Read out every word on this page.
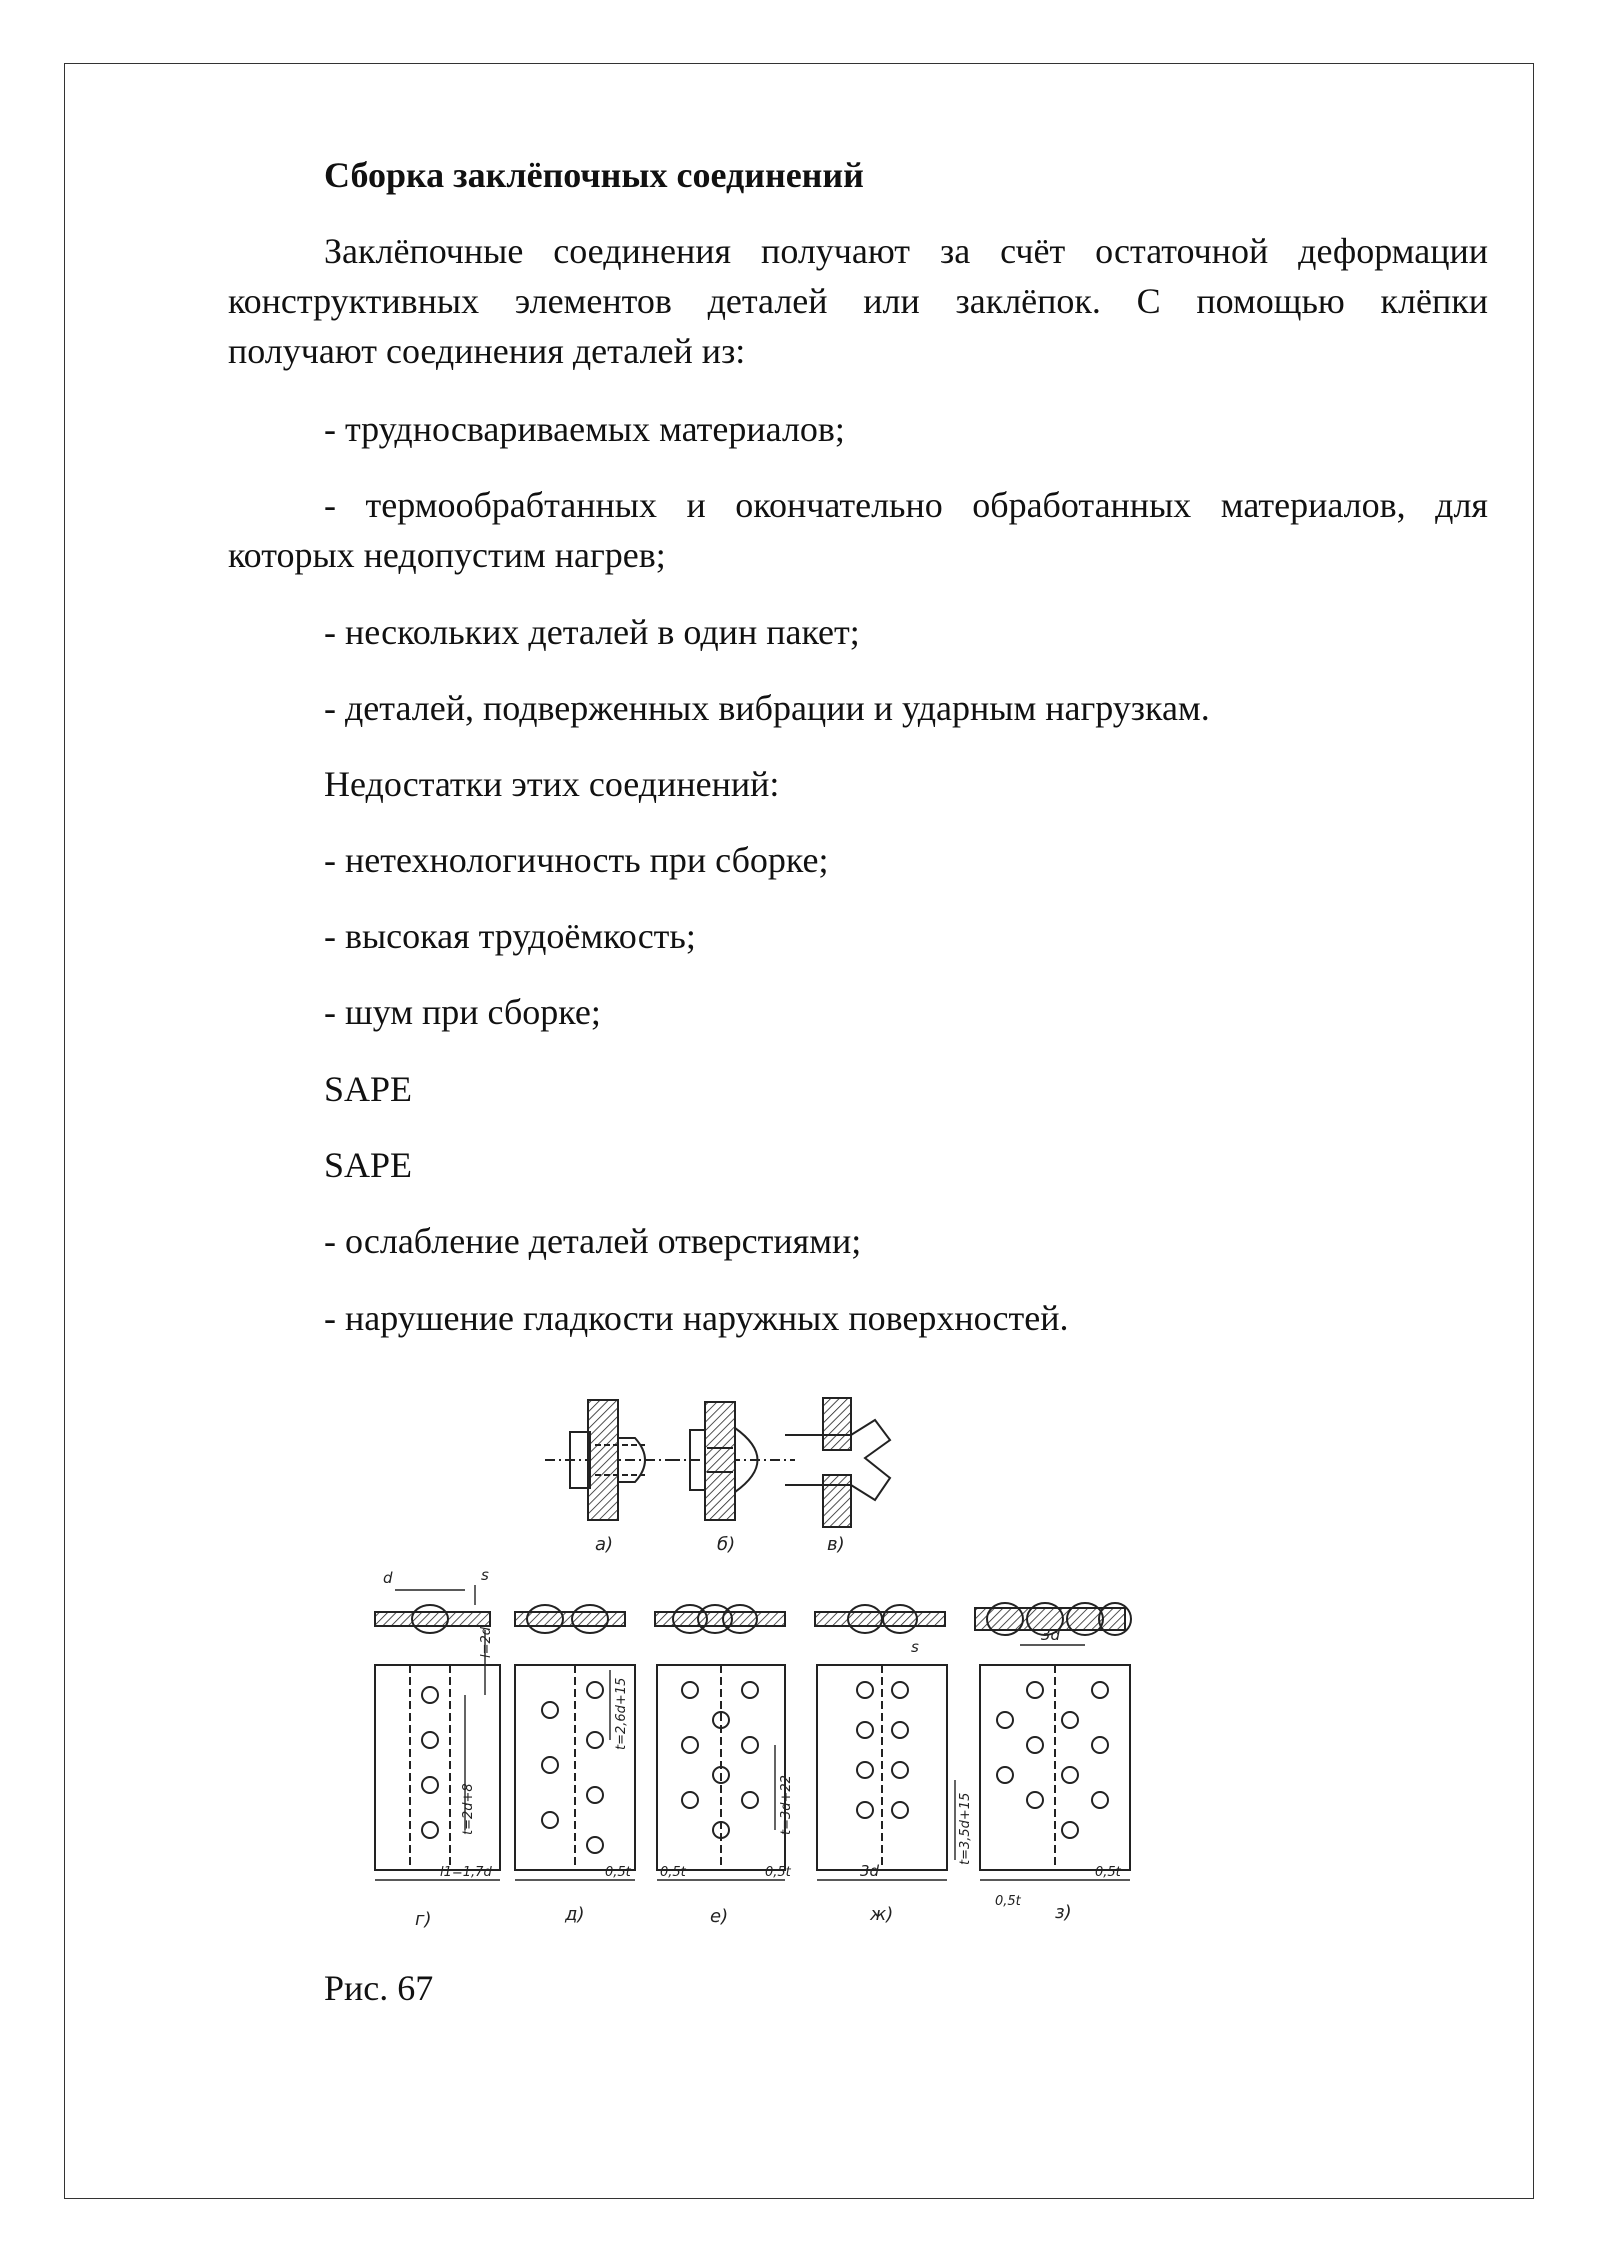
Сборка заклёпочных соединений
Заклёпочные соединения получают за счёт остаточной деформации
конструктивных элементов деталей или заклёпок. С помощью клёпки
получают соединения деталей из:
- трудносвариваемых материалов;
- термообрабтанных и окончательно обработанных материалов, для
которых недопустим нагрев;
- нескольких деталей в один пакет;
- деталей, подверженных вибрации и ударным нагрузкам.
Недостатки этих соединений:
- нетехнологичность при сборке;
- высокая трудоёмкость;
- шум при сборке;
SAPE
SAPE
- ослабление деталей отверстиями;
- нарушение гладкости наружных поверхностей.
а)	б)	в)
d	s
s
3d
3d
l=2d
t=2d+8
l1=1,7d
t=2,6d+15
0,5t 0,5t	0,5t
0,5t
0,5t
t=3d+22	t=3,5d+15
г)	д)	е)	ж)	з)
Рис. 67
